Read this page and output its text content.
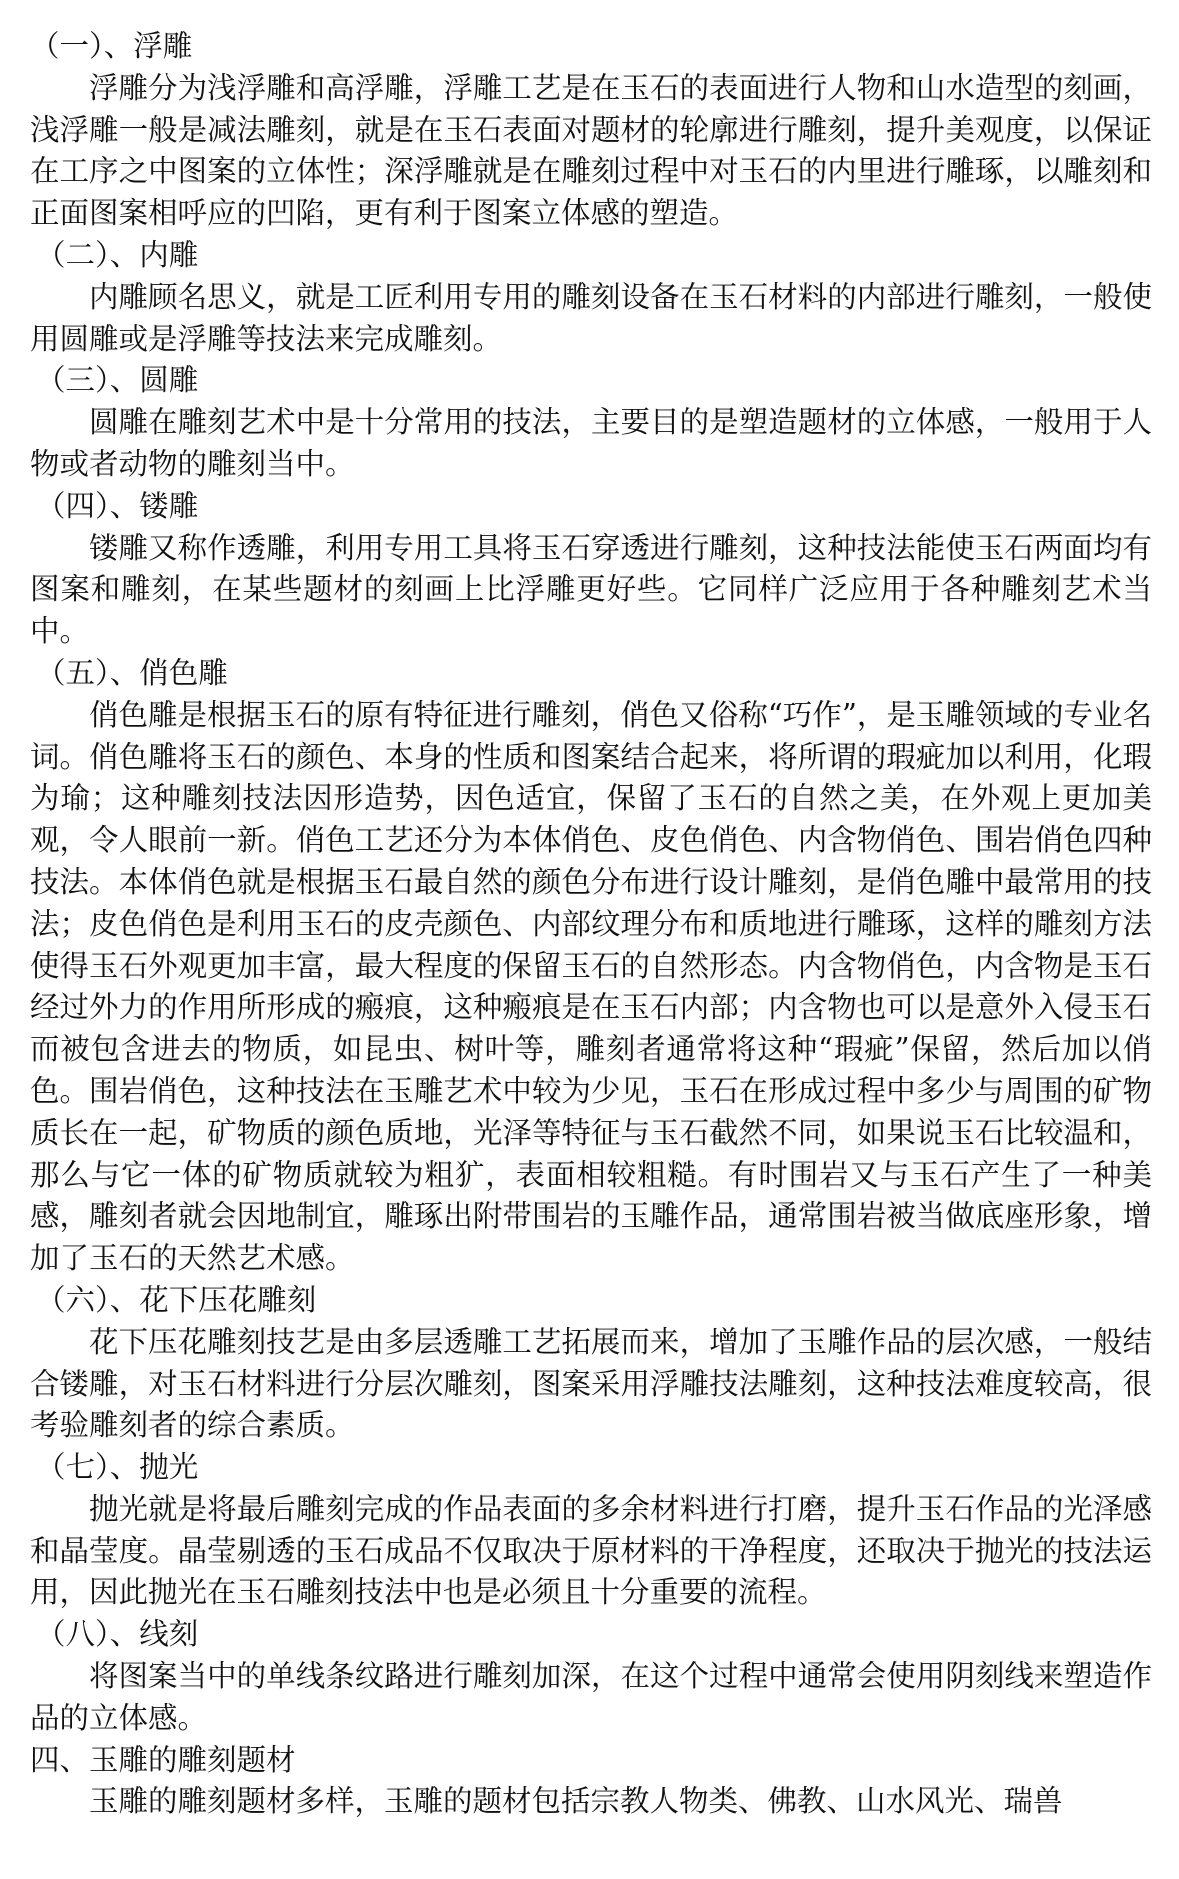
（一）、浮雕

浮雕分为浅浮雕和高浮雕，浮雕工艺是在玉石的表面进行人物和山水造型的刻画，浅浮雕一般是减法雕刻，就是在玉石表面对题材的轮廓进行雕刻，提升美观度，以保证在工序之中图案的立体性；深浮雕就是在雕刻过程中对玉石的内里进行雕琢，以雕刻和正面图案相呼应的凹陷，更有利于图案立体感的塑造。

（二）、内雕

内雕顾名思义，就是工匠利用专用的雕刻设备在玉石材料的内部进行雕刻，一般使用圆雕或是浮雕等技法来完成雕刻。

（三）、圆雕

圆雕在雕刻艺术中是十分常用的技法，主要目的是塑造题材的立体感，一般用于人物或者动物的雕刻当中。

（四）、镂雕

镂雕又称作透雕，利用专用工具将玉石穿透进行雕刻，这种技法能使玉石两面均有图案和雕刻，在某些题材的刻画上比浮雕更好些。它同样广泛应用于各种雕刻艺术当中。

（五）、俏色雕

俏色雕是根据玉石的原有特征进行雕刻，俏色又俗称“巧作”，是玉雕领域的专业名词。俏色雕将玉石的颜色、本身的性质和图案结合起来，将所谓的瑕疵加以利用，化瑕为瑜；这种雕刻技法因形造势，因色适宜，保留了玉石的自然之美，在外观上更加美观，令人眼前一新。俏色工艺还分为本体俏色、皮色俏色、内含物俏色、围岩俏色四种技法。本体俏色就是根据玉石最自然的颜色分布进行设计雕刻，是俏色雕中最常用的技法；皮色俏色是利用玉石的皮壳颜色、内部纹理分布和质地进行雕琢，这样的雕刻方法使得玉石外观更加丰富，最大程度的保留玉石的自然形态。内含物俏色，内含物是玉石经过外力的作用所形成的瘢痕，这种瘢痕是在玉石内部；内含物也可以是意外入侵玉石而被包含进去的物质，如昆虫、树叶等，雕刻者通常将这种“瑕疵”保留，然后加以俏色。围岩俏色，这种技法在玉雕艺术中较为少见，玉石在形成过程中多少与周围的矿物质长在一起，矿物质的颜色质地，光泽等特征与玉石截然不同，如果说玉石比较温和，那么与它一体的矿物质就较为粗犷，表面相较粗糙。有时围岩又与玉石产生了一种美感，雕刻者就会因地制宜，雕琢出附带围岩的玉雕作品，通常围岩被当做底座形象，增加了玉石的天然艺术感。

（六）、花下压花雕刻

花下压花雕刻技艺是由多层透雕工艺拓展而来，增加了玉雕作品的层次感，一般结合镂雕，对玉石材料进行分层次雕刻，图案采用浮雕技法雕刻，这种技法难度较高，很考验雕刻者的综合素质。

（七）、抛光

抛光就是将最后雕刻完成的作品表面的多余材料进行打磨，提升玉石作品的光泽感和晶莹度。晶莹剔透的玉石成品不仅取决于原材料的干净程度，还取决于抛光的技法运用，因此抛光在玉石雕刻技法中也是必须且十分重要的流程。

（八）、线刻

将图案当中的单线条纹路进行雕刻加深，在这个过程中通常会使用阴刻线来塑造作品的立体感。

四、玉雕的雕刻题材

玉雕的雕刻题材多样，玉雕的题材包括宗教人物类、佛教、山水风光、瑞兽
